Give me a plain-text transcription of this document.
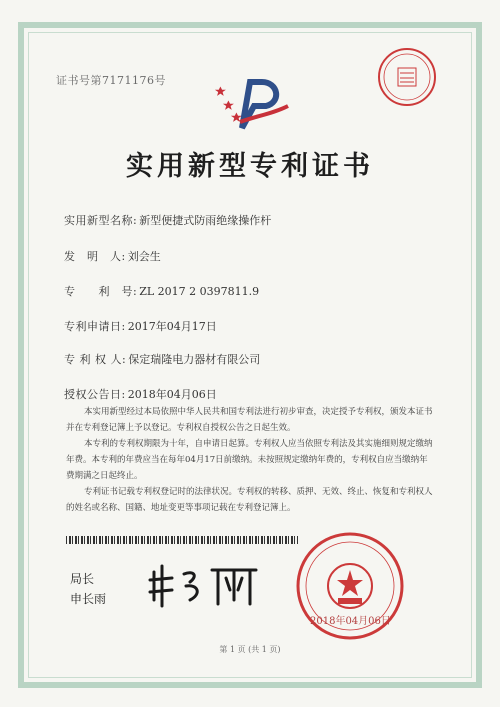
证书号第7171176号
实用新型专利证书
实用新型名称: 新型便捷式防雨绝缘操作杆
发　明　人: 刘会生
专　　利　号: ZL 2017 2 0397811.9
专利申请日: 2017年04月17日
专 利 权 人: 保定瑞隆电力器材有限公司
授权公告日: 2018年04月06日

本实用新型经过本局依照中华人民共和国专利法进行初步审查，决定授予专利权，颁发本证书并在专利登记簿上予以登记。专利权自授权公告之日起生效。

本专利的专利权期限为十年，自申请日起算。专利权人应当依照专利法及其实施细则规定缴纳年费。本专利的年费应当在每年04月17日前缴纳。未按照规定缴纳年费的，专利权自应当缴纳年费期满之日起终止。

专利证书记载专利权登记时的法律状况。专利权的转移、质押、无效、终止、恢复和专利权人的姓名或名称、国籍、地址变更等事项记载在专利登记簿上。

局长
申长雨
2018年04月06日
第 1 页 (共 1 页)
